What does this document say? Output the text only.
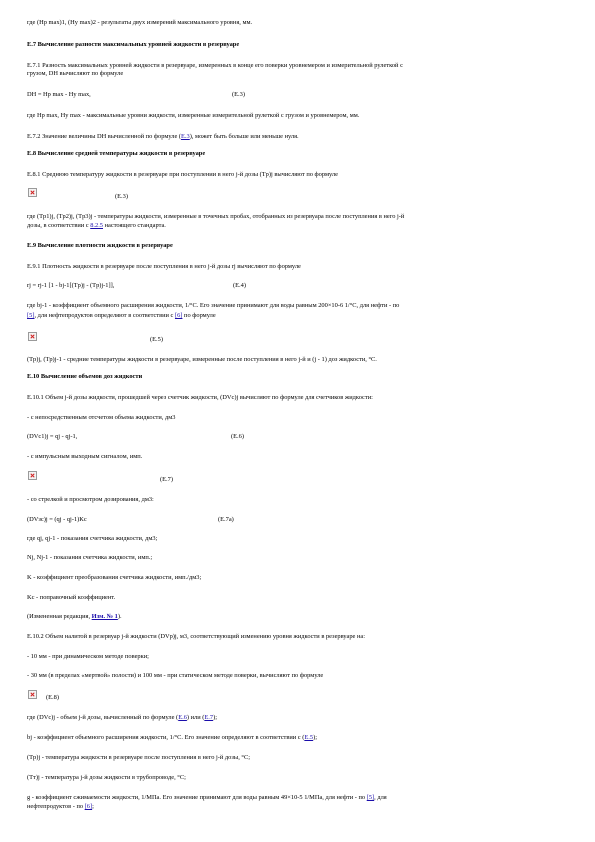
где (Hр max)1, (Hу max)2 - результаты двух измерений максимального уровня, мм.
Е.7 Вычисление разности максимальных уровней жидкости в резервуаре
Е.7.1 Разность максимальных уровней жидкости в резервуаре, измеренных в конце его поверки уровнемером и измерительной рулеткой с
грузом, DH вычисляют по формуле
DH = Hр max - Hу max,	(Е.3)
где Hр max, Hу max - максимальные уровни жидкости, измеренные измерительной рулеткой с грузом и уровнемером, мм.
Е.7.2 Значение величины DH вычисленной по формуле (Е.3), может быть больше или меньше нуля.
Е.8 Вычисление средней температуры жидкости в резервуаре
Е.8.1 Среднюю температуру жидкости в резервуаре при поступлении в него j-й дозы (Tр)j вычисляют по формуле
(Е.3)
где (Tр1)j, (Tр2)j, (Tр3)j - температуры жидкости, измеренные в точечных пробах, отобранных из резервуара после поступления в него j-й
дозы, в соответствии с 8.2.5 настоящего стандарта.
Е.9 Вычисление плотности жидкости в резервуаре
Е.9.1 Плотность жидкости в резервуаре после поступления в него j-й дозы rj вычисляют по формуле
rj = rj-1 [1 - bj-1[(Tр)j - (Tр)j-1]],	(Е.4)
где bj-1 - коэффициент объемного расширения жидкости, 1/°С. Его значение принимают для воды равным 200×10-6 1/°С, для нефти - по
[5], для нефтепродуктов определяют в соответствии с [6] по формуле
(Е.5)
(Tр)j, (Tр)j-1 - средние температуры жидкости в резервуаре, измеренные после поступления в него j-й и (j - 1) доз жидкости, °С.
Е.10 Вычисление объемов доз жидкости
Е.10.1 Объем j-й дозы жидкости, прошедшей через счетчик жидкости, (DVс)j вычисляют по формуле для счетчиков жидкости:
- с непосредственным отсчетом объема жидкости, дм3
(DVс1)j = qj - qj-1,	(Е.6)
- с импульсным выходным сигналом, имп.
(Е.7)
- со стрелкой и просмотром дозирования, дм3:
(DVзс)j = (qj - qj-1)Kс	(Е.7а)
где qj, qj-1 - показания счетчика жидкости, дм3;
Nj, Nj-1 - показания счетчика жидкости, имп.;
K - коэффициент преобразования счетчика жидкости, имп./дм3;
Kс - поправочный коэффициент.
(Измененная редакция, Изм. № 1).
Е.10.2 Объем налитой в резервуар j-й жидкости (DVр)j, м3, соответствующий изменению уровня жидкости в резервуаре на:
- 10 мм - при динамическом методе поверки;
- 30 мм (в пределах «мертвой» полости) и 100 мм - при статическом методе поверки, вычисляют по формуле
(Е.8)
где (DVс)j - объем j-й дозы, вычисленный по формуле (Е.6) или (Е.7);
bj - коэффициент объемного расширения жидкости, 1/°С. Его значение определяют в соответствии с (Е.5);
(Tр)j - температура жидкости в резервуаре после поступления в него j-й дозы, °С;
(Tт)j - температура j-й дозы жидкости в трубопроводе, °С;
g - коэффициент сжимаемости жидкости, 1/МПа. Его значение принимают для воды равным 49×10-5 1/МПа, для нефти - по [5], для
нефтепродуктов - по [6];
